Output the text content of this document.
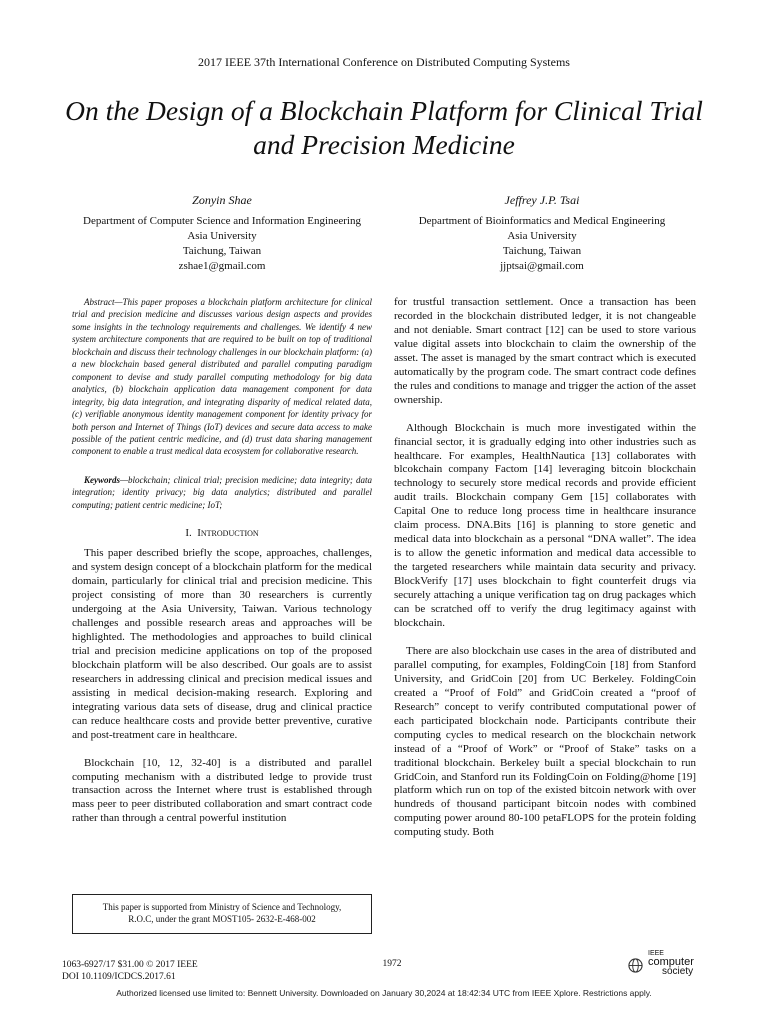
2017 IEEE 37th International Conference on Distributed Computing Systems
On the Design of a Blockchain Platform for Clinical Trial and Precision Medicine
Zonyin Shae
Department of Computer Science and Information Engineering
Asia University
Taichung, Taiwan
zshae1@gmail.com
Jeffrey J.P. Tsai
Department of Bioinformatics and Medical Engineering
Asia University
Taichung, Taiwan
jjptsai@gmail.com

Abstract—This paper proposes a blockchain platform architecture for clinical trial and precision medicine and discusses various design aspects and provides some insights in the technology requirements and challenges. We identify 4 new system architecture components that are required to be built on top of traditional blockchain and discuss their technology challenges in our blockchain platform: (a) a new blockchain based general distributed and parallel computing paradigm component to devise and study parallel computing methodology for big data analytics, (b) blockchain application data management component for data integrity, big data integration, and integrating disparity of medical related data, (c) verifiable anonymous identity management component for identity privacy for both person and Internet of Things (IoT) devices and secure data access to make possible of the patient centric medicine, and (d) trust data sharing management component to enable a trust medical data ecosystem for collaborative research.

Keywords—blockchain; clinical trial; precision medicine; data integrity; data integration; identity privacy; big data analytics; distributed and parallel computing; patient centric medicine; IoT;

I. Introduction

This paper described briefly the scope, approaches, challenges, and system design concept of a blockchain platform for the medical domain, particularly for clinical trial and precision medicine. This project consisting of more than 30 researchers is currently undergoing at the Asia University, Taiwan. Various technology challenges and possible research areas and approaches will be highlighted. The methodologies and approaches to build clinical trial and precision medicine applications on top of the proposed blockchain platform will be also described. Our goals are to assist researchers in addressing clinical and precision medical issues and assisting in medical decision-making research. Exploring and integrating various data sets of disease, drug and clinical practice can reduce healthcare costs and provide better preventive, curative and post-treatment care in healthcare.

Blockchain [10, 12, 32-40] is a distributed and parallel computing mechanism with a distributed ledge to provide trust transaction across the Internet where trust is established through mass peer to peer distributed collaboration and smart contract code rather than through a central powerful institution

for trustful transaction settlement. Once a transaction has been recorded in the blockchain distributed ledger, it is not changeable and not deniable. Smart contract [12] can be used to store various value digital assets into blockchain to claim the ownership of the asset. The asset is managed by the smart contract which is executed automatically by the program code. The smart contract code defines the rules and conditions to manage and trigger the action of the asset ownership.

Although Blockchain is much more investigated within the financial sector, it is gradually edging into other industries such as healthcare. For examples, HealthNautica [13] collaborates with blcokchain company Factom [14] leveraging bitcoin blockchain technology to securely store medical records and provide efficient audit trails. Blockchain company Gem [15] collaborates with Capital One to reduce long process time in healthcare insurance claim process. DNA.Bits [16] is planning to store genetic and medical data into blockchain as a personal “DNA wallet”. The idea is to allow the genetic information and medical data accessible to the targeted researchers while maintain data security and privacy. BlockVerify [17] uses blockchain to fight counterfeit drugs via securely attaching a unique verification tag on drug packages which can be scratched off to verify the drug legitimacy against with blockchain.

There are also blockchain use cases in the area of distributed and parallel computing, for examples, FoldingCoin [18] from Stanford University, and GridCoin [20] from UC Berkeley. FoldingCoin created a “Proof of Fold” and GridCoin created a “proof of Research” concept to verify contributed computational power of each participated blockchain node. Participants contribute their computing cycles to medical research on the blockchain network instead of a “Proof of Work” or “Proof of Stake” tasks on a traditional blockchain. Berkeley built a special blockchain to run GridCoin, and Stanford run its FoldingCoin on Folding@home [19] platform which run on top of the existed bitcoin network with over hundreds of thousand participant bitcoin nodes with combined computing power around 80-100 petaFLOPS for the protein folding computing study. Both

This paper is supported from Ministry of Science and Technology,
R.O.C, under the grant MOST105- 2632-E-468-002
1063-6927/17 $31.00 © 2017 IEEE
DOI 10.1109/ICDCS.2017.61
1972
IEEE
computer
society
Authorized licensed use limited to: Bennett University. Downloaded on January 30,2024 at 18:42:34 UTC from IEEE Xplore. Restrictions apply.
